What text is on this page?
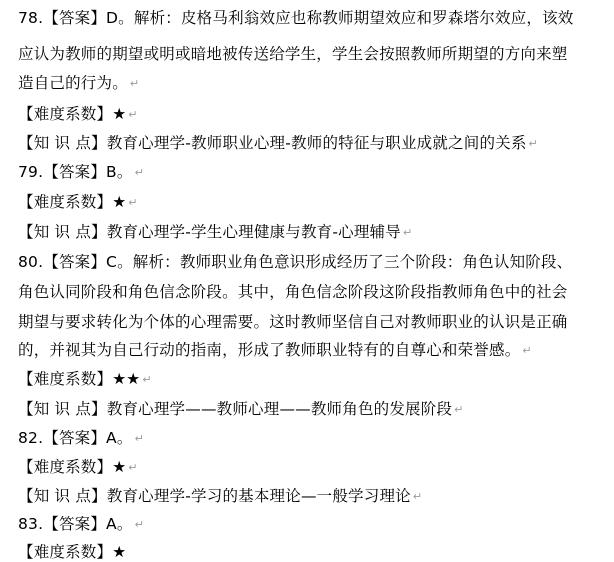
78.【答案】D。解析：皮格马利翁效应也称教师期望效应和罗森塔尔效应，该效
应认为教师的期望或明或暗地被传送给学生，学生会按照教师所期望的方向来塑
造自己的行为。 ↵
【难度系数】★ ↵
【知 识 点】教育心理学-教师职业心理-教师的特征与职业成就之间的关系 ↵
79.【答案】B。 ↵
【难度系数】★ ↵
【知 识 点】教育心理学-学生心理健康与教育-心理辅导 ↵
80.【答案】C。解析：教师职业角色意识形成经历了三个阶段：角色认知阶段、
角色认同阶段和角色信念阶段。其中，角色信念阶段这阶段指教师角色中的社会
期望与要求转化为个体的心理需要。这时教师坚信自己对教师职业的认识是正确
的，并视其为自己行动的指南，形成了教师职业特有的自尊心和荣誉感。 ↵
【难度系数】★★ ↵
【知 识 点】教育心理学——教师心理——教师角色的发展阶段 ↵
82.【答案】A。 ↵
【难度系数】★ ↵
【知 识 点】教育心理学-学习的基本理论—一般学习理论 ↵
83.【答案】A。 ↵
【难度系数】★
